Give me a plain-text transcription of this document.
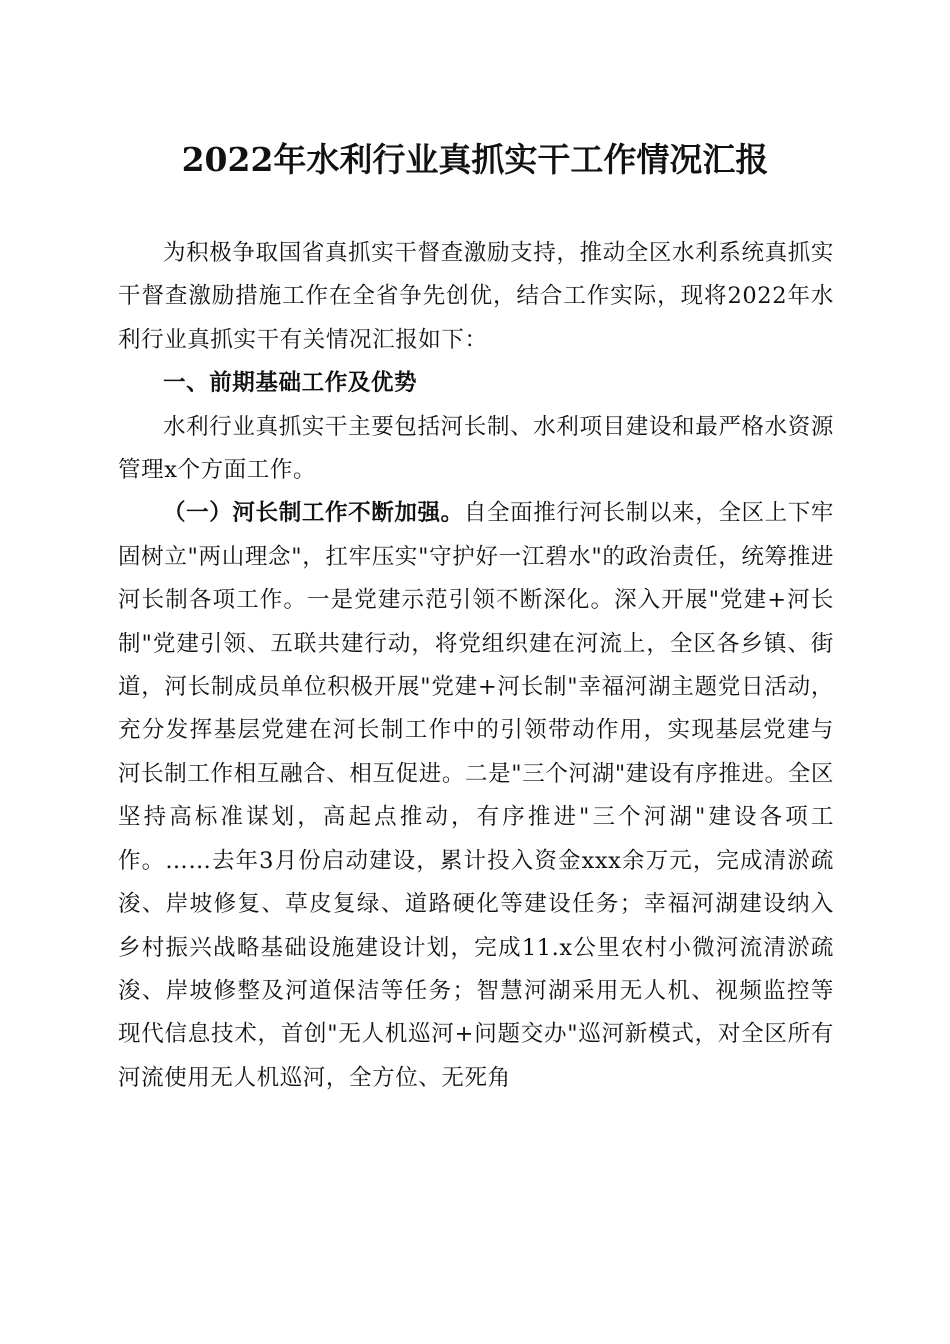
2022年水利行业真抓实干工作情况汇报

为积极争取国省真抓实干督查激励支持，推动全区水利系统真抓实干督查激励措施工作在全省争先创优，结合工作实际，现将2022年水利行业真抓实干有关情况汇报如下：

一、前期基础工作及优势

水利行业真抓实干主要包括河长制、水利项目建设和最严格水资源管理x个方面工作。

（一）河长制工作不断加强。自全面推行河长制以来，全区上下牢固树立"两山理念"，扛牢压实"守护好一江碧水"的政治责任，统筹推进河长制各项工作。一是党建示范引领不断深化。深入开展"党建+河长制"党建引领、五联共建行动，将党组织建在河流上，全区各乡镇、街道，河长制成员单位积极开展"党建+河长制"幸福河湖主题党日活动，充分发挥基层党建在河长制工作中的引领带动作用，实现基层党建与河长制工作相互融合、相互促进。二是"三个河湖"建设有序推进。全区坚持高标准谋划，高起点推动，有序推进"三个河湖"建设各项工作。……去年3月份启动建设，累计投入资金xxx余万元，完成清淤疏浚、岸坡修复、草皮复绿、道路硬化等建设任务；幸福河湖建设纳入乡村振兴战略基础设施建设计划，完成11.x公里农村小微河流清淤疏浚、岸坡修整及河道保洁等任务；智慧河湖采用无人机、视频监控等现代信息技术，首创"无人机巡河+问题交办"巡河新模式，对全区所有河流使用无人机巡河，全方位、无死角
